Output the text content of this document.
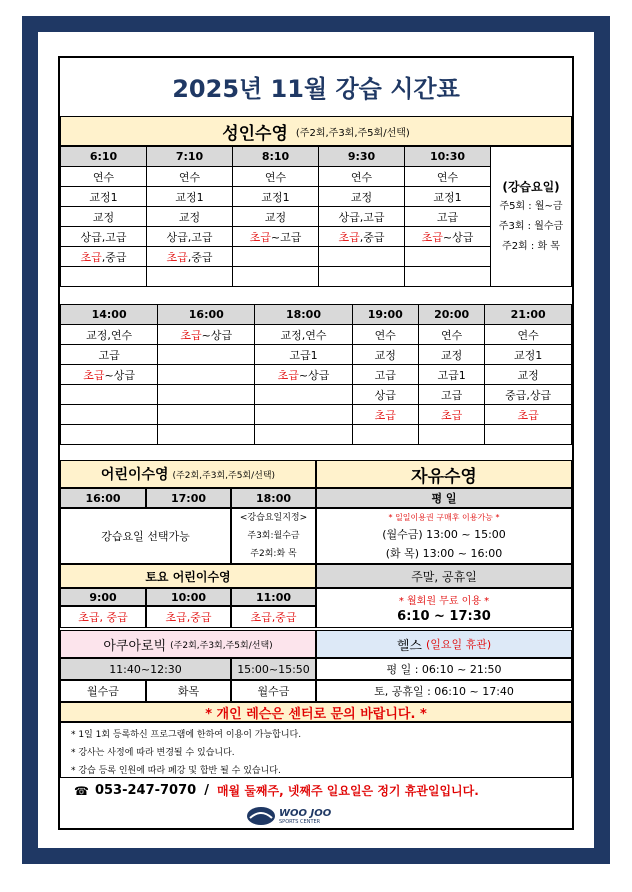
2025년 11월 강습 시간표
성인수영 (주2회,주3회,주5회/선택)
6:10	7:10	8:10	9:30	10:30	(강습요일)
주5회 : 월~금
주3회 : 월수금
주2회 : 화 목

연수	연수	연수	연수	연수	
교정1	교정1	교정1	교정	교정1	
교정	교정	교정	상급,고급	고급	
상급,고급	상급,고급	초급~고급	초급,중급	초급~상급	
초급,중급	초급,중급				

14:00	16:00	18:00	19:00	20:00	21:00
교정,연수	초급~상급	교정,연수	연수	연수	연수
고급		고급1	교정	교정	교정1
초급~상급		초급~상급	고급	고급1	교정
			상급	고급	중급,상급
			초급	초급	초급

어린이수영 (주2회,주3회,주5회/선택)	자유수영
16:00	17:00	18:00	평 일
강습요일 선택가능
<강습요일지정>
주3회:월수금
주2회:화 목
* 일일이용권 구매후 이용가능 *
(월수금) 13:00 ~ 15:00
(화 목) 13:00 ~ 16:00
토요 어린이수영	주말, 공휴일
9:00	10:00	11:00
초급, 중급	초급,중급	초급,중급
* 월회원 무료 이용 *
6:10 ~ 17:30
아쿠아로빅 (주2회,주3회,주5회/선택)	헬스 (일요일 휴관)
11:40~12:30	15:00~15:50	평 일 : 06:10 ~ 21:50
월수금	화목	월수금	토, 공휴일 : 06:10 ~ 17:40
* 개인 레슨은 센터로 문의 바랍니다. *
* 1일 1회 등록하신 프로그램에 한하여 이용이 가능합니다.
* 강사는 사정에 따라 변경될 수 있습니다.
* 강습 등록 인원에 따라 폐강 및 합반 될 수 있습니다.
☎ 053-247-7070 / 매월 둘째주, 넷째주 일요일은 정기 휴관일입니다.
WOO JOO
SPORTS CENTER
